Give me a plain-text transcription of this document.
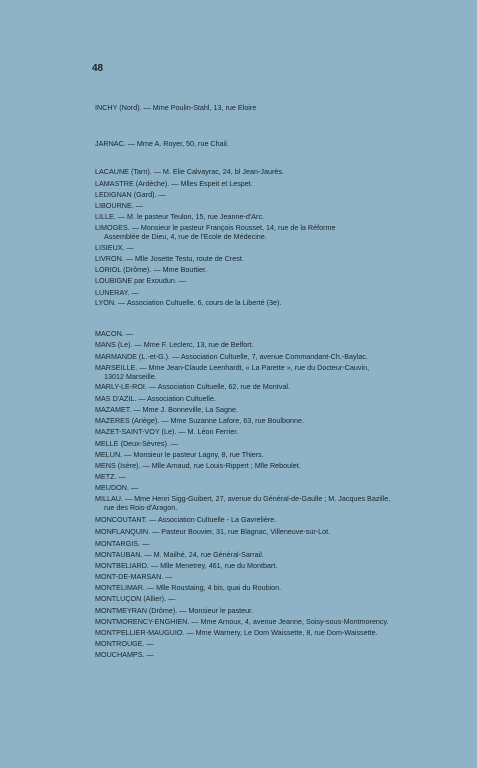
48
INCHY (Nord). — Mme Poulin-Stahl, 13, rue Eloire
JARNAC. — Mme A. Royer, 50, rue Chail.
LACAUNE (Tarn). — M. Elie Calvayrac, 24, bl Jean-Jaurès.
LAMASTRE (Ardèche). — Mlles Espeit et Lespet.
LEDIGNAN (Gard). —
LIBOURNE. —
LILLE. — M. le pasteur Teulon, 15, rue Jeanne-d'Arc.
LIMOGES. — Monsieur le pasteur François Rousset, 14, rue de la Réforme
Assemblée de Dieu, 4, rue de l'Ecole de Médecine.
LISIEUX. —
LIVRON. — Mlle Josette Testu, route de Crest.
LORIOL (Drôme). — Mme Bouttier.
LOUBIGNE par Exoudun. —
LUNERAY. —
LYON. — Association Cultuelle, 6, cours de la Liberté (3e).
MACON. —
MANS (Le). — Mme F. Leclerc, 13, rue de Belfort.
MARMANDE (L.-et-G.). — Association Cultuelle, 7, avenue Commandant-Ch.-Baylac.
MARSEILLE. — Mme Jean-Claude Leenhardt, « La Parette », rue du Docteur-Cauvin,
13012 Marseille.
MARLY-LE-ROI. — Association Cultuelle, 62, rue de Montval.
MAS D'AZIL. — Association Cultuelle.
MAZAMET. — Mme J. Bonneville, La Sagne.
MAZERES (Ariège). — Mme Suzanne Lafore, 63, rue Boulbonne.
MAZET-SAINT-VOY (Le). — M. Léon Ferrier.
MELLE (Deux-Sèvres). —
MELUN. — Monsieur le pasteur Lagny, 8, rue Thiers.
MENS (Isère). — Mlle Arnaud, rue Louis-Rippert ; Mlle Reboulet.
METZ. —
MEUDON. —
MILLAU. — Mme Henri Sigg-Guibert, 27, avenue du Général-de-Gaulle ; M. Jacques Bazille,
rue des Rois-d'Aragon.
MONCOUTANT. — Association Cultuelle - La Gavrelière.
MONFLANQUIN. — Pasteur Bouvier, 31, rue Blagnac, Villeneuve-sur-Lot.
MONTARGIS. —
MONTAUBAN. — M. Mailhé, 24, rue Général-Sarrail.
MONTBELIARD. — Mlle Menetrey, 461, rue du Montbart.
MONT-DE-MARSAN. —
MONTELIMAR. — Mlle Roustaing, 4 bis, quai du Roubion.
MONTLUÇON (Allier). —
MONTMEYRAN (Drôme). — Monsieur le pasteur.
MONTMORENCY-ENGHIEN. — Mme Arnoux, 4, avenue Jeanne, Soisy-sous-Montmorency.
MONTPELLIER-MAUGUIO. — Mme Warnery, Le Dom Waissette, 8, rue Dom-Waissette.
MONTROUGE. —
MOUCHAMPS. —
